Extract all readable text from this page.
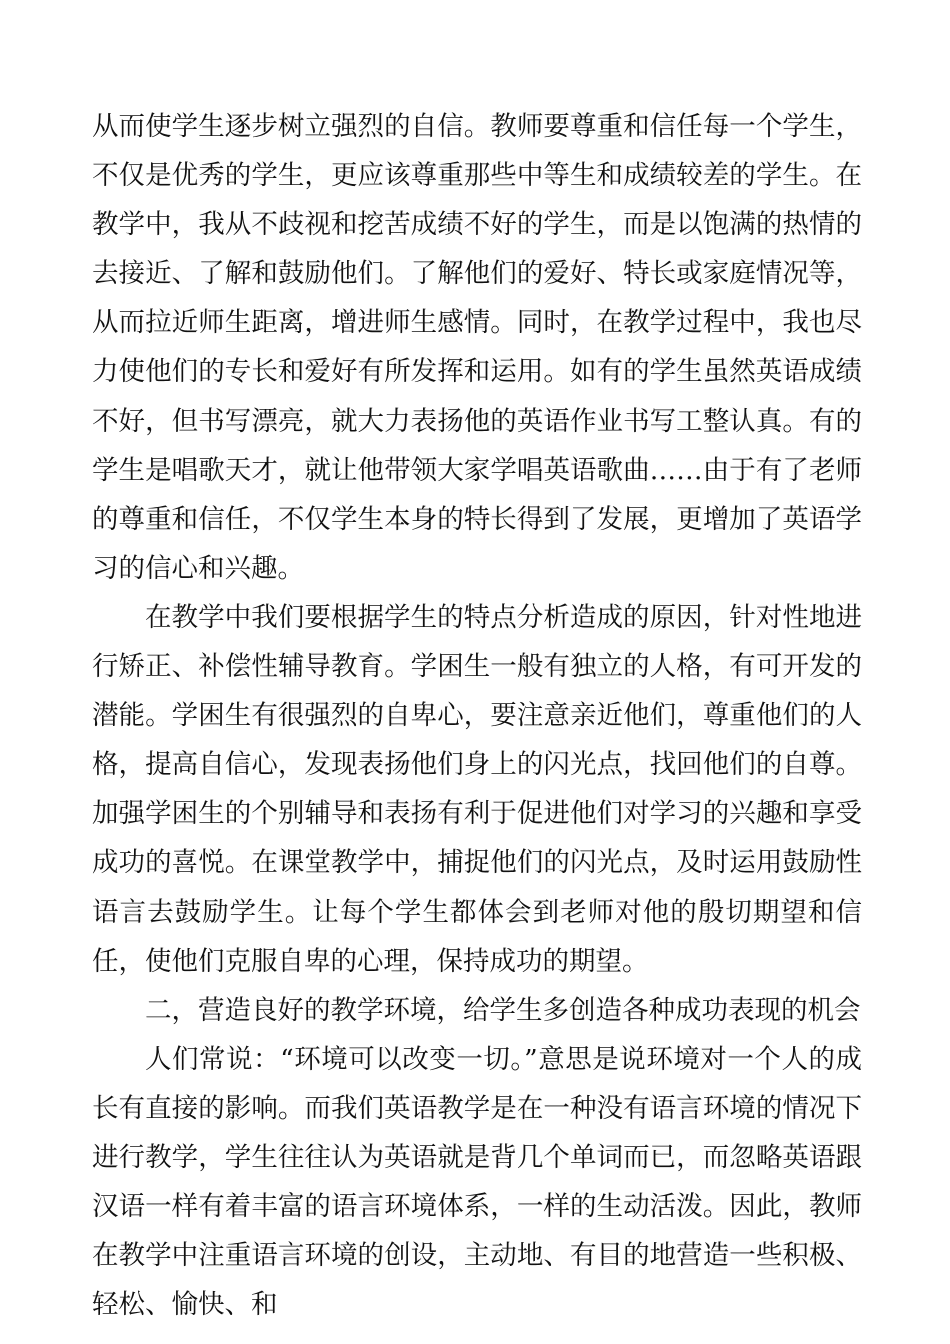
从而使学生逐步树立强烈的自信。教师要尊重和信任每一个学生，不仅是优秀的学生，更应该尊重那些中等生和成绩较差的学生。在教学中，我从不歧视和挖苦成绩不好的学生，而是以饱满的热情的去接近、了解和鼓励他们。了解他们的爱好、特长或家庭情况等，从而拉近师生距离，增进师生感情。同时，在教学过程中，我也尽力使他们的专长和爱好有所发挥和运用。如有的学生虽然英语成绩不好，但书写漂亮，就大力表扬他的英语作业书写工整认真。有的学生是唱歌天才，就让他带领大家学唱英语歌曲……由于有了老师的尊重和信任，不仅学生本身的特长得到了发展，更增加了英语学习的信心和兴趣。

在教学中我们要根据学生的特点分析造成的原因，针对性地进行矫正、补偿性辅导教育。学困生一般有独立的人格，有可开发的潜能。学困生有很强烈的自卑心，要注意亲近他们，尊重他们的人格，提高自信心，发现表扬他们身上的闪光点，找回他们的自尊。加强学困生的个别辅导和表扬有利于促进他们对学习的兴趣和享受成功的喜悦。在课堂教学中，捕捉他们的闪光点，及时运用鼓励性语言去鼓励学生。让每个学生都体会到老师对他的殷切期望和信任，使他们克服自卑的心理，保持成功的期望。

二，营造良好的教学环境，给学生多创造各种成功表现的机会

人们常说：“环境可以改变一切。”意思是说环境对一个人的成长有直接的影响。而我们英语教学是在一种没有语言环境的情况下进行教学，学生往往认为英语就是背几个单词而已，而忽略英语跟汉语一样有着丰富的语言环境体系，一样的生动活泼。因此，教师在教学中注重语言环境的创设，主动地、有目的地营造一些积极、轻松、愉快、和
